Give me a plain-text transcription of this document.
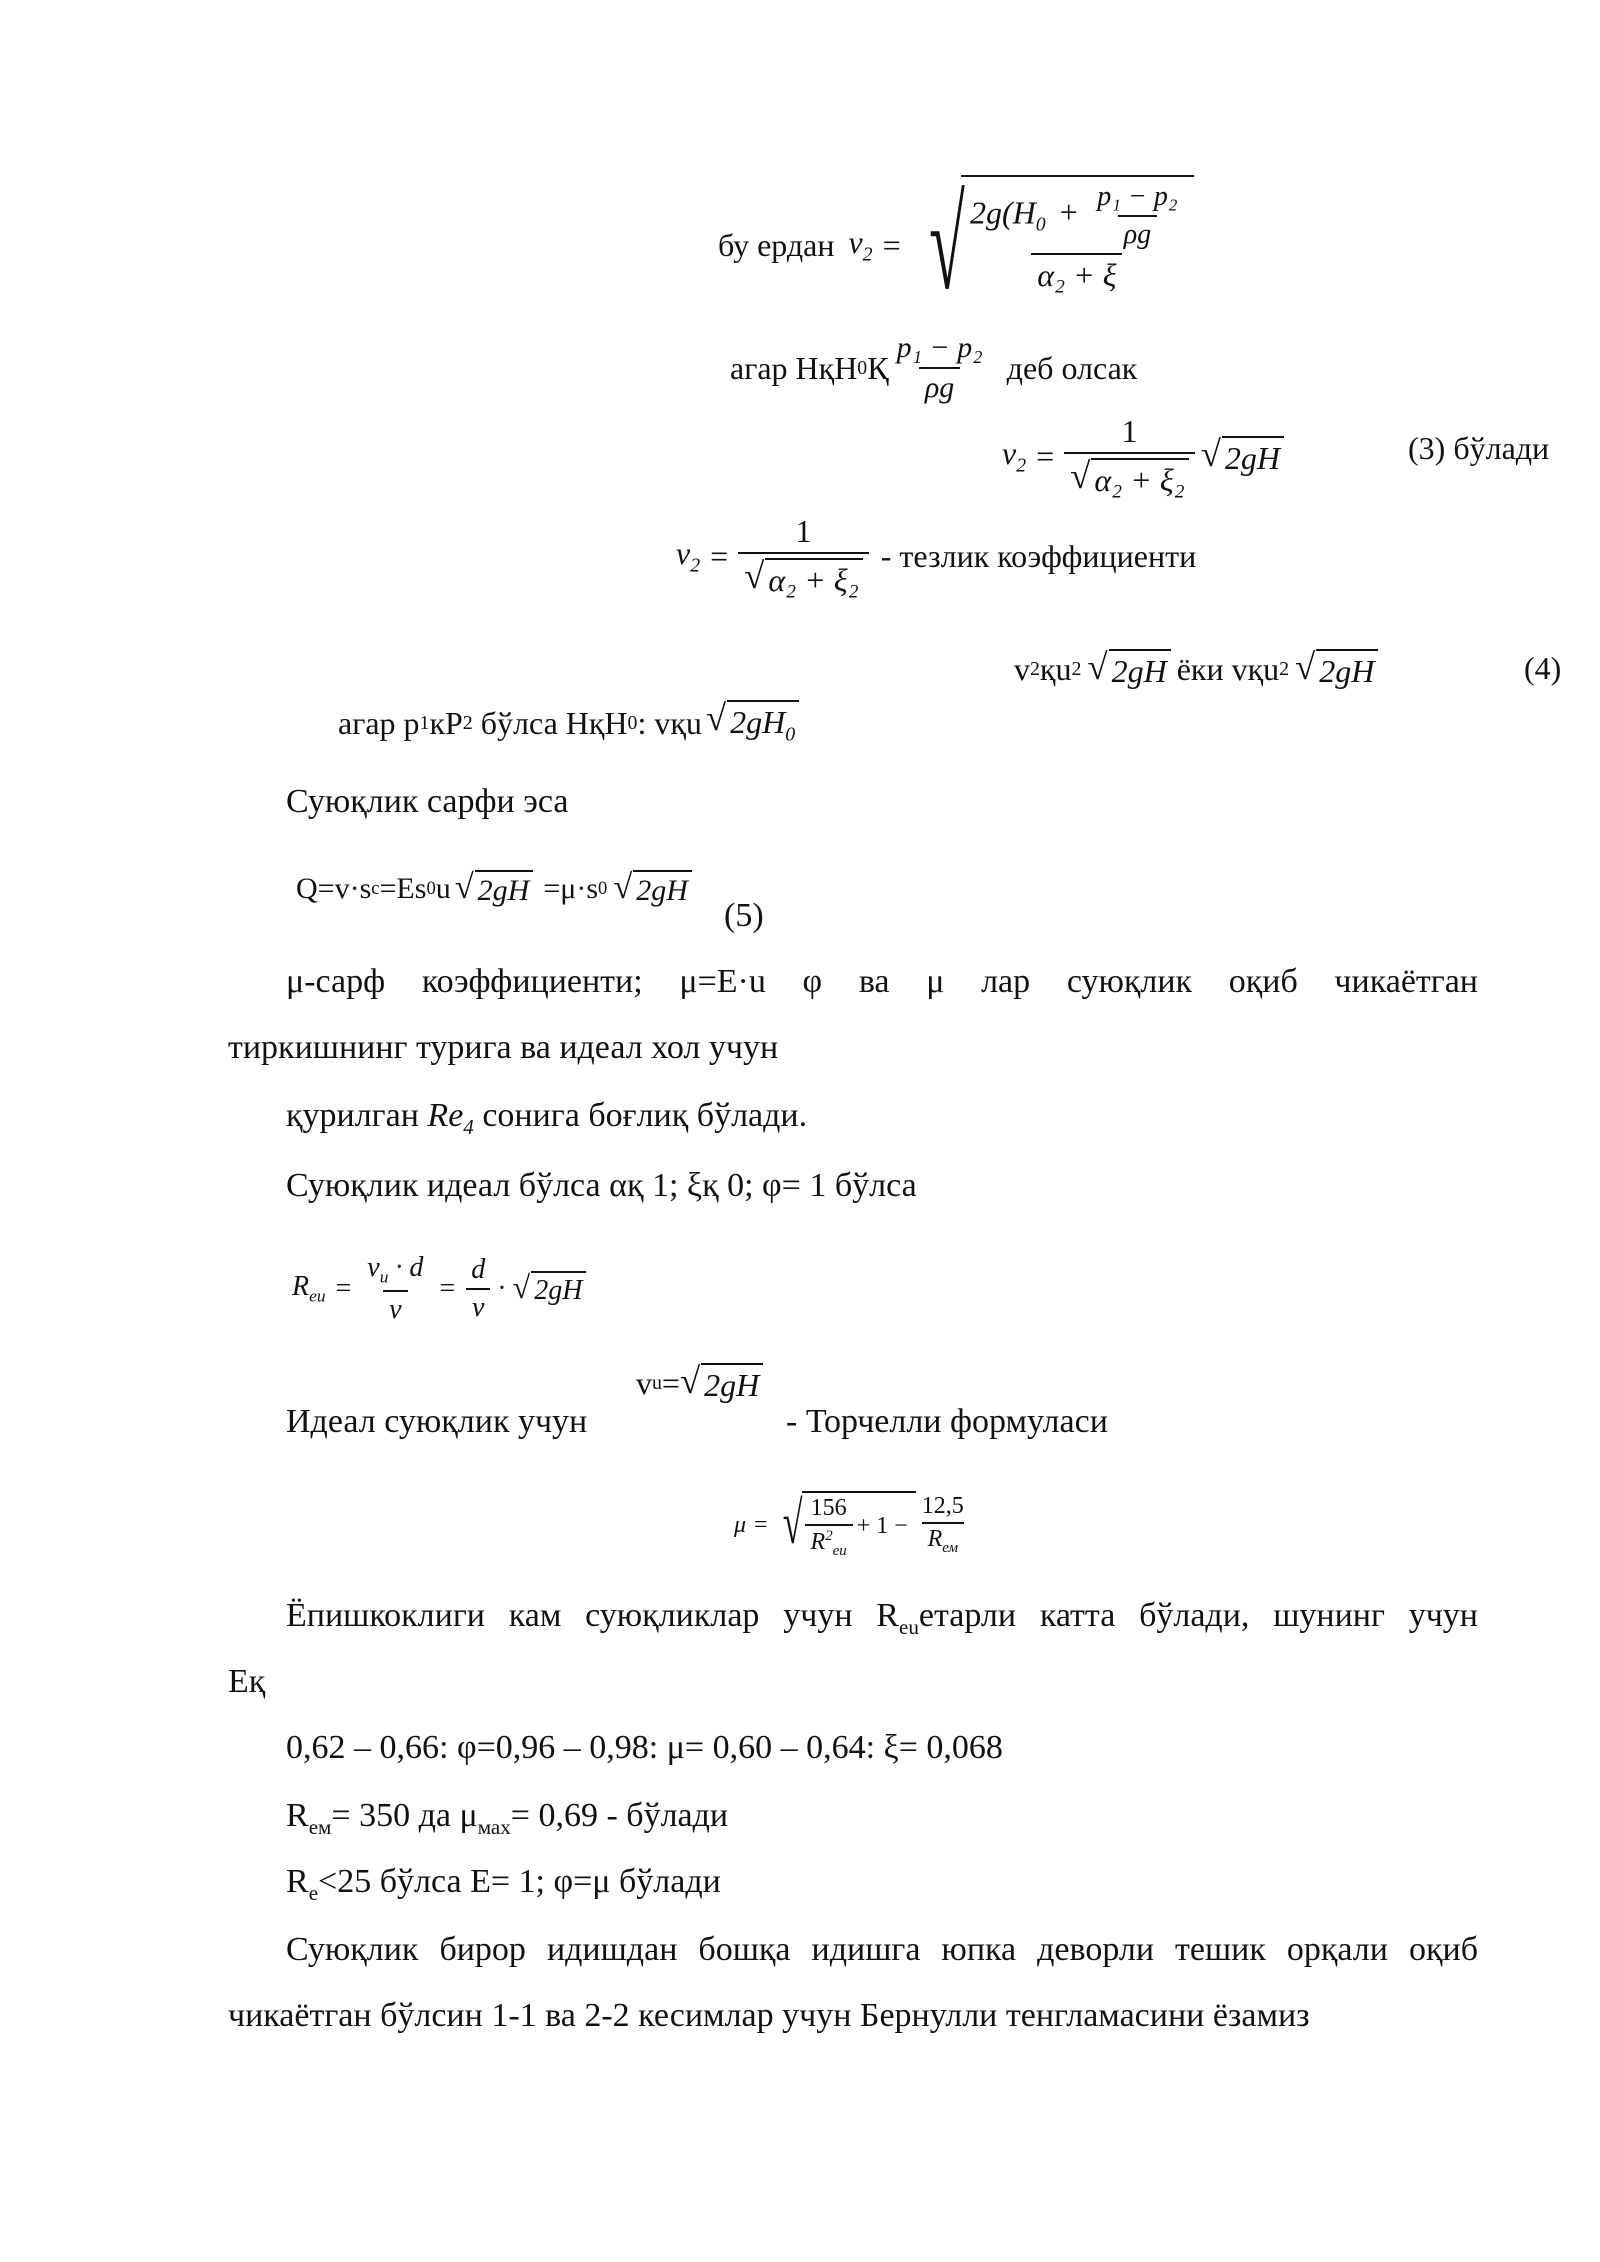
бу ердан $v_2$ = √ $2g(H_0 + \frac{\text{p₁ − p₂}}{\rho g}$
α₂ + ξ
агар НқН 0 Қ $\frac{\text{p₁ − p₂}}{\rho g}$ деб олсак
$v_2 = \frac{1}{\text{√ α₂ + ξ₂}}$ √ 2gH	(3) бўлади
$v_2 = \frac{1}{\text{√ α₂ + ξ₂}}$ - тезлик коэффициенти
v 2 қu 2 √ 2gH ёки vқu 2 √ 2gH	(4)
агар p 1 кP 2 бўлса НқН 0 : vқu √ $2gH_0$
Суюқлик сарфи эса
Q=v·s c =Es 0 u √ 2gH =μ·s 0 √ 2gH
(5)
μ-сарф коэффициенти; μ=E·u φ ва μ лар суюқлик оқиб чикаётган
тиркишнинг турига ва идеал хол учун
қурилган $Re_4$ сонига боғлиқ бўлади.
Суюқлик идеал бўлса αқ 1; ξқ 0; φ= 1 бўлса
$R_{eu} = \frac{v_u \cdot d}{\nu} = \frac{d}{\nu}$ · √ 2gH
Идеал суюқлик учун
v u = √ 2gH
- Торчелли формуласи
μ = √ $\frac{156}{R^2_{eu}} + 1 - \frac{12,5}{R_{ем}}$
Ёпишкоклиги кам суюқликлар учун $R_{eu}етарли$ катта бўлади, шунинг учун
Еқ
0,62 – 0,66: φ=0,96 – 0,98: μ= 0,60 – 0,64: ξ= 0,068
$R_{ем}= 350$ да $\mu_{мах}= 0,69$ - бўлади
$R_e<25$ бўлса E= 1; φ=μ бўлади
Суюқлик бирор идишдан бошқа идишга юпка деворли тешик орқали оқиб
чикаётган бўлсин 1-1 ва 2-2 кесимлар учун Бернулли тенгламасини ёзамиз
